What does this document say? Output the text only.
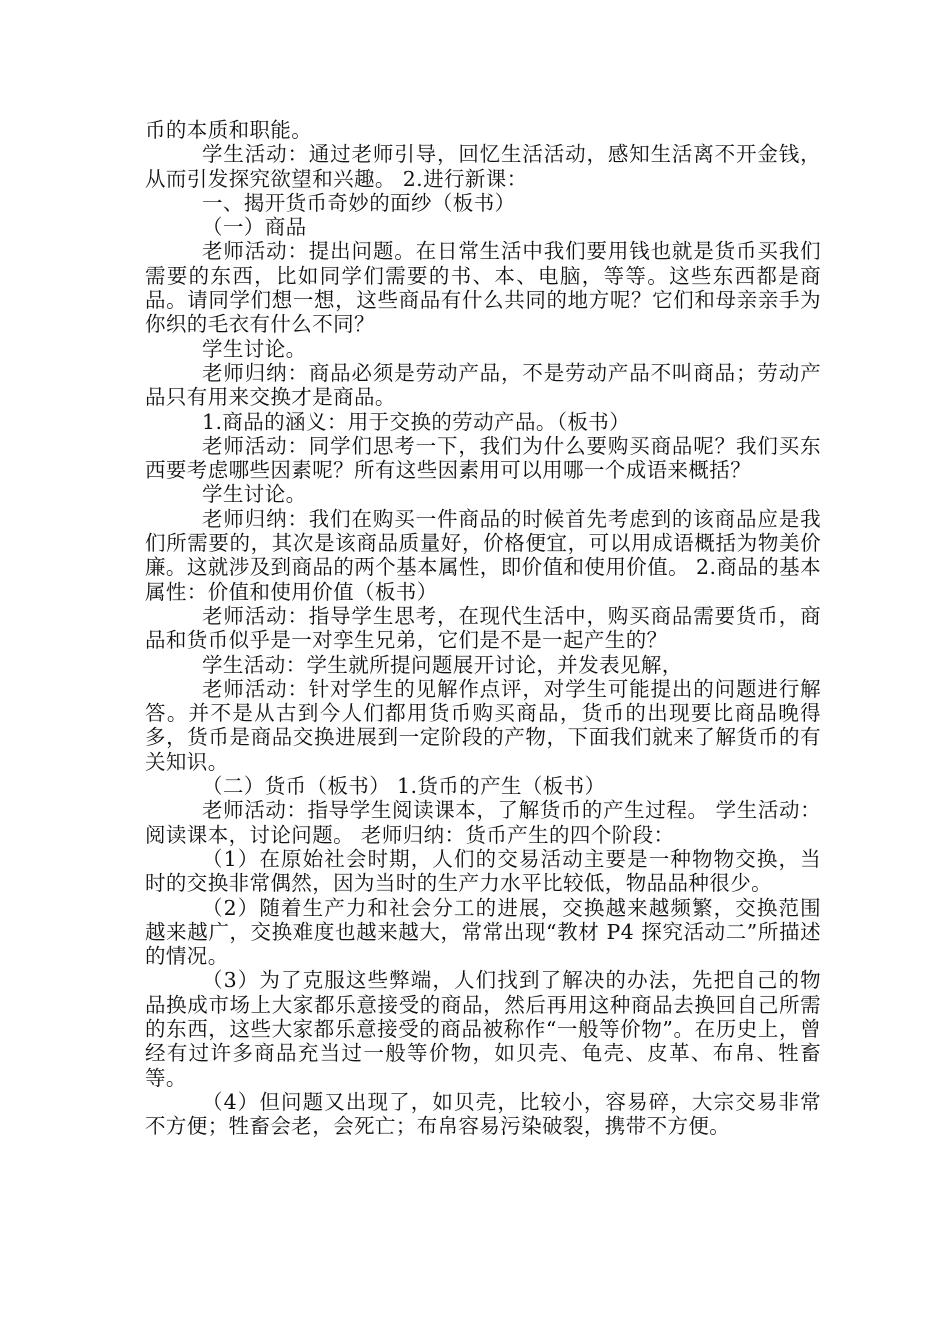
币的本质和职能。

学生活动：通过老师引导，回忆生活活动，感知生活离不开金钱，从而引发探究欲望和兴趣。 2.进行新课：

一、揭开货币奇妙的面纱（板书）

（一）商品

老师活动：提出问题。在日常生活中我们要用钱也就是货币买我们需要的东西，比如同学们需要的书、本、电脑，等等。这些东西都是商品。请同学们想一想，这些商品有什么共同的地方呢？它们和母亲亲手为你织的毛衣有什么不同？

学生讨论。

老师归纳：商品必须是劳动产品，不是劳动产品不叫商品；劳动产品只有用来交换才是商品。

1.商品的涵义：用于交换的劳动产品。（板书）

老师活动：同学们思考一下，我们为什么要购买商品呢？我们买东西要考虑哪些因素呢？所有这些因素用可以用哪一个成语来概括？

学生讨论。

老师归纳：我们在购买一件商品的时候首先考虑到的该商品应是我们所需要的，其次是该商品质量好，价格便宜，可以用成语概括为物美价廉。这就涉及到商品的两个基本属性，即价值和使用价值。 2.商品的基本属性：价值和使用价值（板书）

老师活动：指导学生思考，在现代生活中，购买商品需要货币，商品和货币似乎是一对孪生兄弟，它们是不是一起产生的？

学生活动：学生就所提问题展开讨论，并发表见解，

老师活动：针对学生的见解作点评，对学生可能提出的问题进行解答。并不是从古到今人们都用货币购买商品，货币的出现要比商品晚得多，货币是商品交换进展到一定阶段的产物，下面我们就来了解货币的有关知识。

（二）货币（板书） 1.货币的产生（板书）

老师活动：指导学生阅读课本，了解货币的产生过程。 学生活动：阅读课本，讨论问题。 老师归纳：货币产生的四个阶段：

（1）在原始社会时期，人们的交易活动主要是一种物物交换，当时的交换非常偶然，因为当时的生产力水平比较低，物品品种很少。

（2）随着生产力和社会分工的进展，交换越来越频繁，交换范围越来越广，交换难度也越来越大，常常出现“教材 P4 探究活动二”所描述的情况。

（3）为了克服这些弊端，人们找到了解决的办法，先把自己的物品换成市场上大家都乐意接受的商品，然后再用这种商品去换回自己所需的东西，这些大家都乐意接受的商品被称作“一般等价物”。在历史上，曾经有过许多商品充当过一般等价物，如贝壳、龟壳、皮革、布帛、牲畜等。

（4）但问题又出现了，如贝壳，比较小，容易碎，大宗交易非常不方便；牲畜会老，会死亡；布帛容易污染破裂，携带不方便。
